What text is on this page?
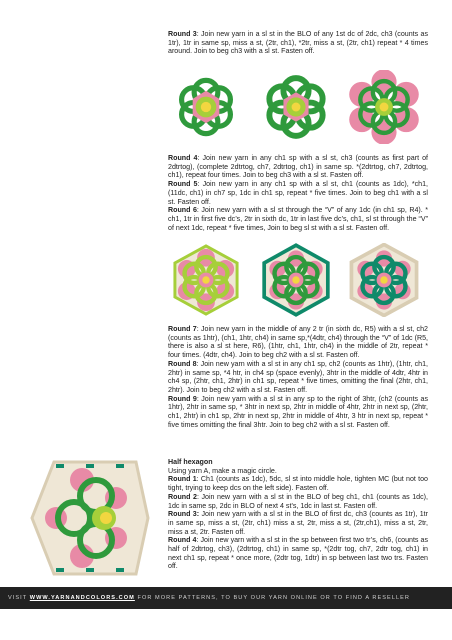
Round 3: Join new yarn in a sl st in the BLO of any 1st dc of 2dc, ch3 (counts as 1tr), 1tr in same sp, miss a st, (2tr, ch1), *2tr, miss a st, (2tr, ch1) repeat * 4 times around. Join to beg ch3 with a sl st. Fasten off.

Round 4: Join new yarn in any ch1 sp with a sl st, ch3 (counts as first part of 2dtrtog), (complete 2dtrtog, ch7, 2dtrtog, ch1) in same sp. *(2dtrtog, ch7, 2dtrtog, ch1), repeat four times. Join to beg ch3 with a sl st. Fasten off.

Round 5: Join new yarn in any ch1 sp with a sl st, ch1 (counts as 1dc), *ch1, (11dc, ch1) in ch7 sp, 1dc in ch1 sp, repeat * five times. Join to beg ch1 with a sl st. Fasten off.

Round 6: Join new yarn with a sl st through the “V” of any 1dc (in ch1 sp, R4). * ch1, 1tr in first five dc’s, 2tr in sixth dc, 1tr in last five dc’s, ch1, sl st through the “V” of next 1dc, repeat * five times, Join to beg sl st with a sl st. Fasten off.

Round 7: Join new yarn in the middle of any 2 tr (in sixth dc, R5) with a sl st, ch2 (counts as 1htr), (ch1, 1htr, ch4) in same sp,*(4dtr, ch4) through the “V” of 1dc (R5, there is also a sl st here, R6), (1htr, ch1, 1htr, ch4) in the middle of 2tr, repeat * four times. (4dtr, ch4). Join to beg ch2 with a sl st. Fasten off.

Round 8: Join new yarn with a sl st in any ch1 sp, ch2 (counts as 1htr), (1htr, ch1, 2htr) in same sp, *4 htr, in ch4 sp (space evenly), 3htr in the middle of 4dtr, 4htr in ch4 sp, (2htr, ch1, 2htr) in ch1 sp, repeat * five times, omitting the final (2htr, ch1, 2htr). Join to beg ch2 with a sl st. Fasten off.

Round 9: Join new yarn with a sl st in any sp to the right of 3htr, (ch2 (counts as 1htr), 2htr in same sp, * 3htr in next sp, 2htr in middle of 4htr, 2htr in next sp, (2htr, ch1, 2htr) in ch1 sp, 2htr in next sp, 2htr in middle of 4htr, 3 htr in next sp, repeat * five times omitting the final 3htr. Join to beg ch2 with a sl st. Fasten off.

Half hexagon

Using yarn A, make a magic circle.

Round 1: Ch1 (counts as 1dc), 5dc, sl st into middle hole, tighten MC (but not too tight, trying to keep dcs on the left side). Fasten off.

Round 2: Join new yarn with a sl st in the BLO of beg ch1, ch1 (counts as 1dc), 1dc in same sp, 2dc in BLO of next 4 st’s, 1dc in last st. Fasten off.

Round 3: Join new yarn with a sl st in the BLO of first dc, ch3 (counts as 1tr), 1tr in same sp, miss a st, (2tr, ch1) miss a st, 2tr, miss a st, (2tr,ch1), miss a st, 2tr, miss a st, 2tr. Fasten off.

Round 4: Join new yarn with a sl st in the sp between first two tr’s, ch6, (counts as half of 2dtrtog, ch3), (2dtrtog, ch1) in same sp, *(2dtr tog, ch7, 2dtr tog, ch1) in next ch1 sp, repeat * once more, (2dtr tog, 1dtr) in sp between last two trs. Fasten off.

VISIT WWW.YARNANDCOLORS.COM FOR MORE PATTERNS, TO BUY OUR YARN ONLINE OR TO FIND A RESELLER
